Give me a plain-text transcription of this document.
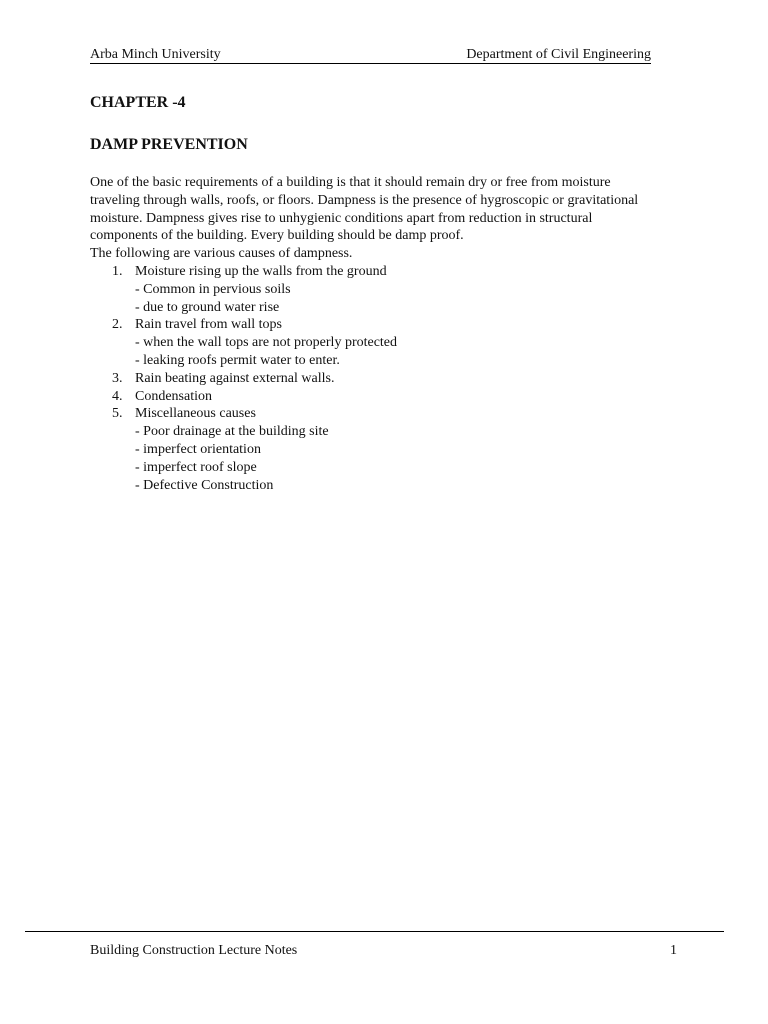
Arba Minch University	Department of Civil Engineering
CHAPTER -4
DAMP PREVENTION

One of the basic requirements of a building is that it should remain dry or free from moisture traveling through walls, roofs, or floors. Dampness is the presence of hygroscopic or gravitational moisture. Dampness gives rise to unhygienic conditions apart from reduction in structural components of the building. Every building should be damp proof.

The following are various causes of dampness.

1. Moisture rising up the walls from the ground
- Common in pervious soils
- due to ground water rise
2. Rain travel from wall tops
- when the wall tops are not properly protected
- leaking roofs permit water to enter.
3. Rain beating against external walls.
4. Condensation
5. Miscellaneous causes
- Poor drainage at the building site
- imperfect orientation
- imperfect roof slope
- Defective Construction
Building Construction Lecture Notes	1
